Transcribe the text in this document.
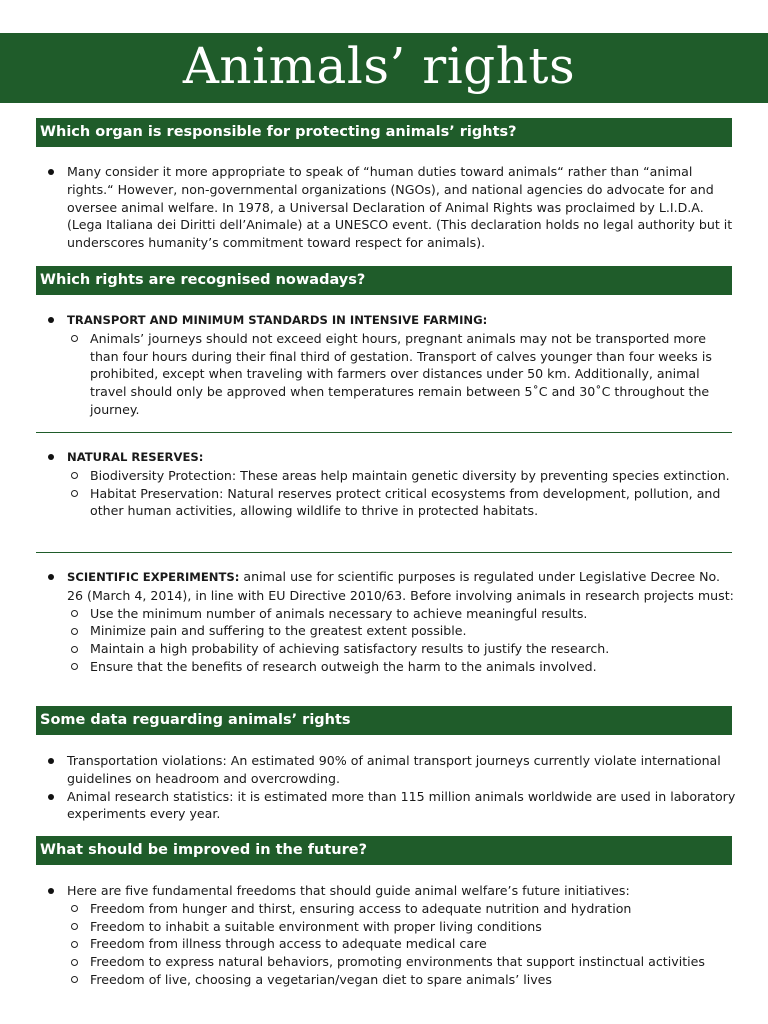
Animals’ rights
Which organ is responsible for protecting animals’ rights?
Many consider it more appropriate to speak of “human duties toward animals“ rather than “animal rights.“ However, non-governmental organizations (NGOs), and national agencies do advocate for and oversee animal welfare. In 1978, a Universal Declaration of Animal Rights was proclaimed by L.I.D.A. (Lega Italiana dei Diritti dell’Animale) at a UNESCO event. (This declaration holds no legal authority but it underscores humanity’s commitment toward respect for animals).
Which rights are recognised nowadays?
TRANSPORT AND MINIMUM STANDARDS IN INTENSIVE FARMING:
Animals’ journeys should not exceed eight hours, pregnant animals may not be transported more than four hours during their final third of gestation. Transport of calves younger than four weeks is prohibited, except when traveling with farmers over distances under 50 km. Additionally, animal travel should only be approved when temperatures remain between 5˚C and 30˚C throughout the journey.
NATURAL RESERVES:
Biodiversity Protection: These areas help maintain genetic diversity by preventing species extinction.
Habitat Preservation: Natural reserves protect critical ecosystems from development, pollution, and other human activities, allowing wildlife to thrive in protected habitats.
SCIENTIFIC EXPERIMENTS: animal use for scientific purposes is regulated under Legislative Decree No. 26 (March 4, 2014), in line with EU Directive 2010/63. Before involving animals in research projects must:
Use the minimum number of animals necessary to achieve meaningful results.
Minimize pain and suffering to the greatest extent possible.
Maintain a high probability of achieving satisfactory results to justify the research.
Ensure that the benefits of research outweigh the harm to the animals involved.
Some data reguarding animals’ rights
Transportation violations: An estimated 90% of animal transport journeys currently violate international guidelines on headroom and overcrowding.
Animal research statistics: it is estimated more than 115 million animals worldwide are used in laboratory experiments every year.
What should be improved in the future?
Here are five fundamental freedoms that should guide animal welfare’s future initiatives:
Freedom from hunger and thirst, ensuring access to adequate nutrition and hydration
Freedom to inhabit a suitable environment with proper living conditions
Freedom from illness through access to adequate medical care
Freedom to express natural behaviors, promoting environments that support instinctual activities
Freedom of live, choosing a vegetarian/vegan diet to spare animals’ lives
